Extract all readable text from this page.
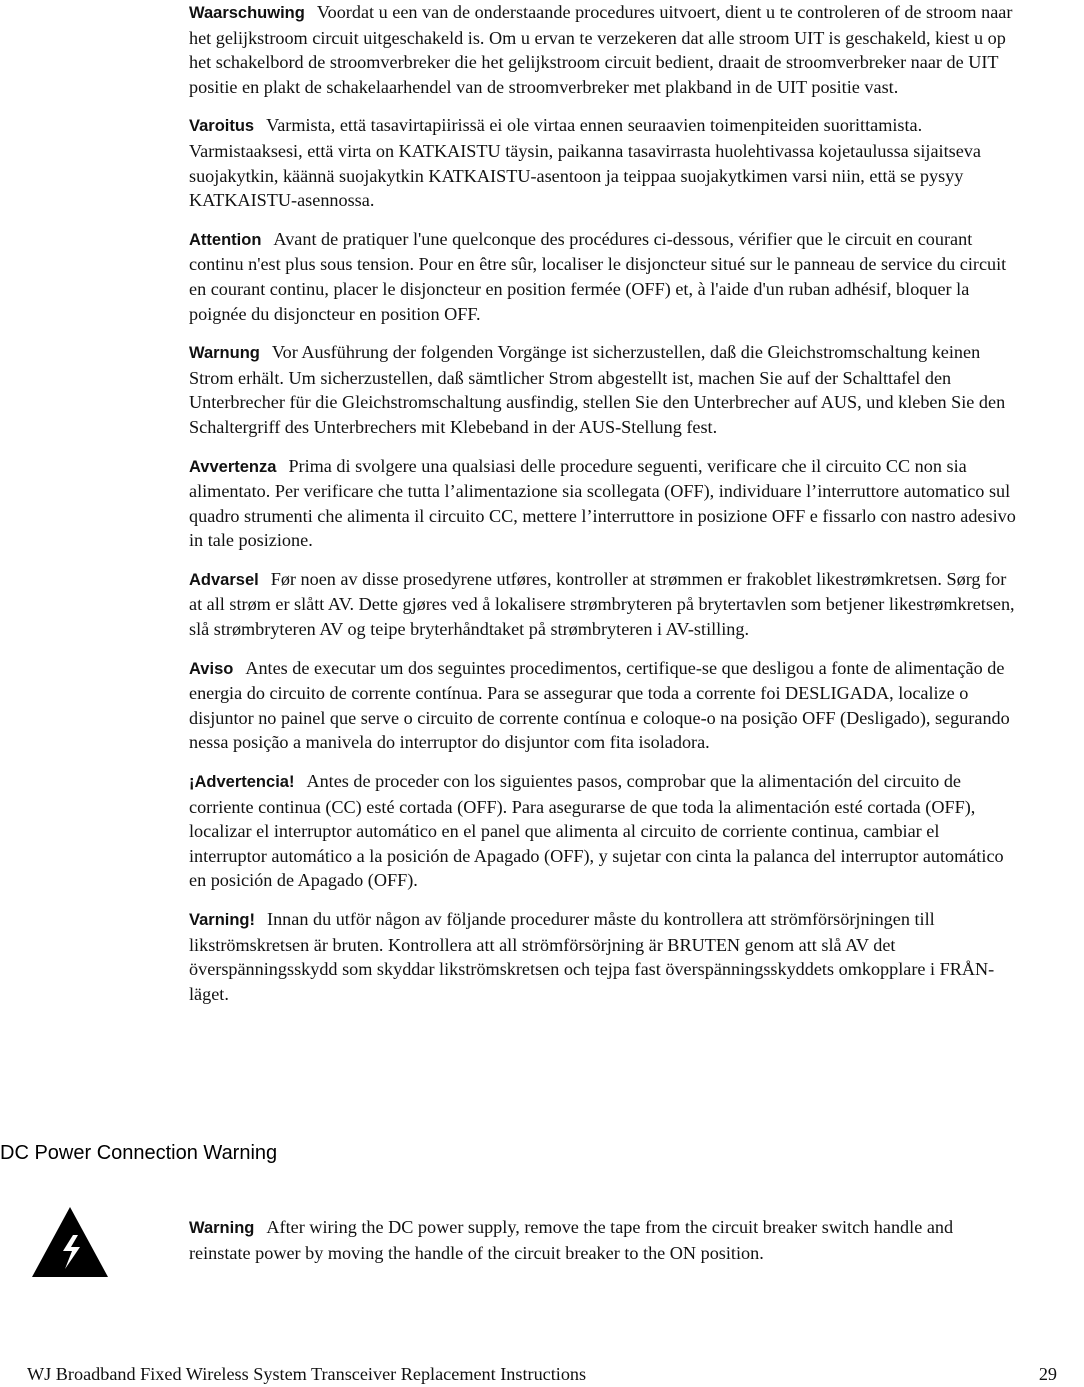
Waarschuwing Voordat u een van de onderstaande procedures uitvoert, dient u te controleren of de stroom naar het gelijkstroom circuit uitgeschakeld is. Om u ervan te verzekeren dat alle stroom UIT is geschakeld, kiest u op het schakelbord de stroomverbreker die het gelijkstroom circuit bedient, draait de stroomverbreker naar de UIT positie en plakt de schakelaarhendel van de stroomverbreker met plakband in de UIT positie vast.

Varoitus Varmista, että tasavirtapiirissä ei ole virtaa ennen seuraavien toimenpiteiden suorittamista. Varmistaaksesi, että virta on KATKAISTU täysin, paikanna tasavirrasta huolehtivassa kojetaulussa sijaitseva suojakytkin, käännä suojakytkin KATKAISTU-asentoon ja teippaa suojakytkimen varsi niin, että se pysyy KATKAISTU-asennossa.

Attention Avant de pratiquer l'une quelconque des procédures ci-dessous, vérifier que le circuit en courant continu n'est plus sous tension. Pour en être sûr, localiser le disjoncteur situé sur le panneau de service du circuit en courant continu, placer le disjoncteur en position fermée (OFF) et, à l'aide d'un ruban adhésif, bloquer la poignée du disjoncteur en position OFF.

Warnung Vor Ausführung der folgenden Vorgänge ist sicherzustellen, daß die Gleichstromschaltung keinen Strom erhält. Um sicherzustellen, daß sämtlicher Strom abgestellt ist, machen Sie auf der Schalttafel den Unterbrecher für die Gleichstromschaltung ausfindig, stellen Sie den Unterbrecher auf AUS, und kleben Sie den Schaltergriff des Unterbrechers mit Klebeband in der AUS-Stellung fest.

Avvertenza Prima di svolgere una qualsiasi delle procedure seguenti, verificare che il circuito CC non sia alimentato. Per verificare che tutta l’alimentazione sia scollegata (OFF), individuare l’interruttore automatico sul quadro strumenti che alimenta il circuito CC, mettere l’interruttore in posizione OFF e fissarlo con nastro adesivo in tale posizione.

Advarsel Før noen av disse prosedyrene utføres, kontroller at strømmen er frakoblet likestrømkretsen. Sørg for at all strøm er slått AV. Dette gjøres ved å lokalisere strømbryteren på brytertavlen som betjener likestrømkretsen, slå strømbryteren AV og teipe bryterhåndtaket på strømbryteren i AV-stilling.

Aviso Antes de executar um dos seguintes procedimentos, certifique-se que desligou a fonte de alimentação de energia do circuito de corrente contínua. Para se assegurar que toda a corrente foi DESLIGADA, localize o disjuntor no painel que serve o circuito de corrente contínua e coloque-o na posição OFF (Desligado), segurando nessa posição a manivela do interruptor do disjuntor com fita isoladora.

¡Advertencia! Antes de proceder con los siguientes pasos, comprobar que la alimentación del circuito de corriente continua (CC) esté cortada (OFF). Para asegurarse de que toda la alimentación esté cortada (OFF), localizar el interruptor automático en el panel que alimenta al circuito de corriente continua, cambiar el interruptor automático a la posición de Apagado (OFF), y sujetar con cinta la palanca del interruptor automático en posición de Apagado (OFF).

Varning! Innan du utför någon av följande procedurer måste du kontrollera att strömförsörjningen till likströmskretsen är bruten. Kontrollera att all strömförsörjning är BRUTEN genom att slå AV det överspänningsskydd som skyddar likströmskretsen och tejpa fast överspänningsskyddets omkopplare i FRÅN-läget.

DC Power Connection Warning

Warning After wiring the DC power supply, remove the tape from the circuit breaker switch handle and reinstate power by moving the handle of the circuit breaker to the ON position.

WJ Broadband Fixed Wireless System Transceiver Replacement Instructions	29
